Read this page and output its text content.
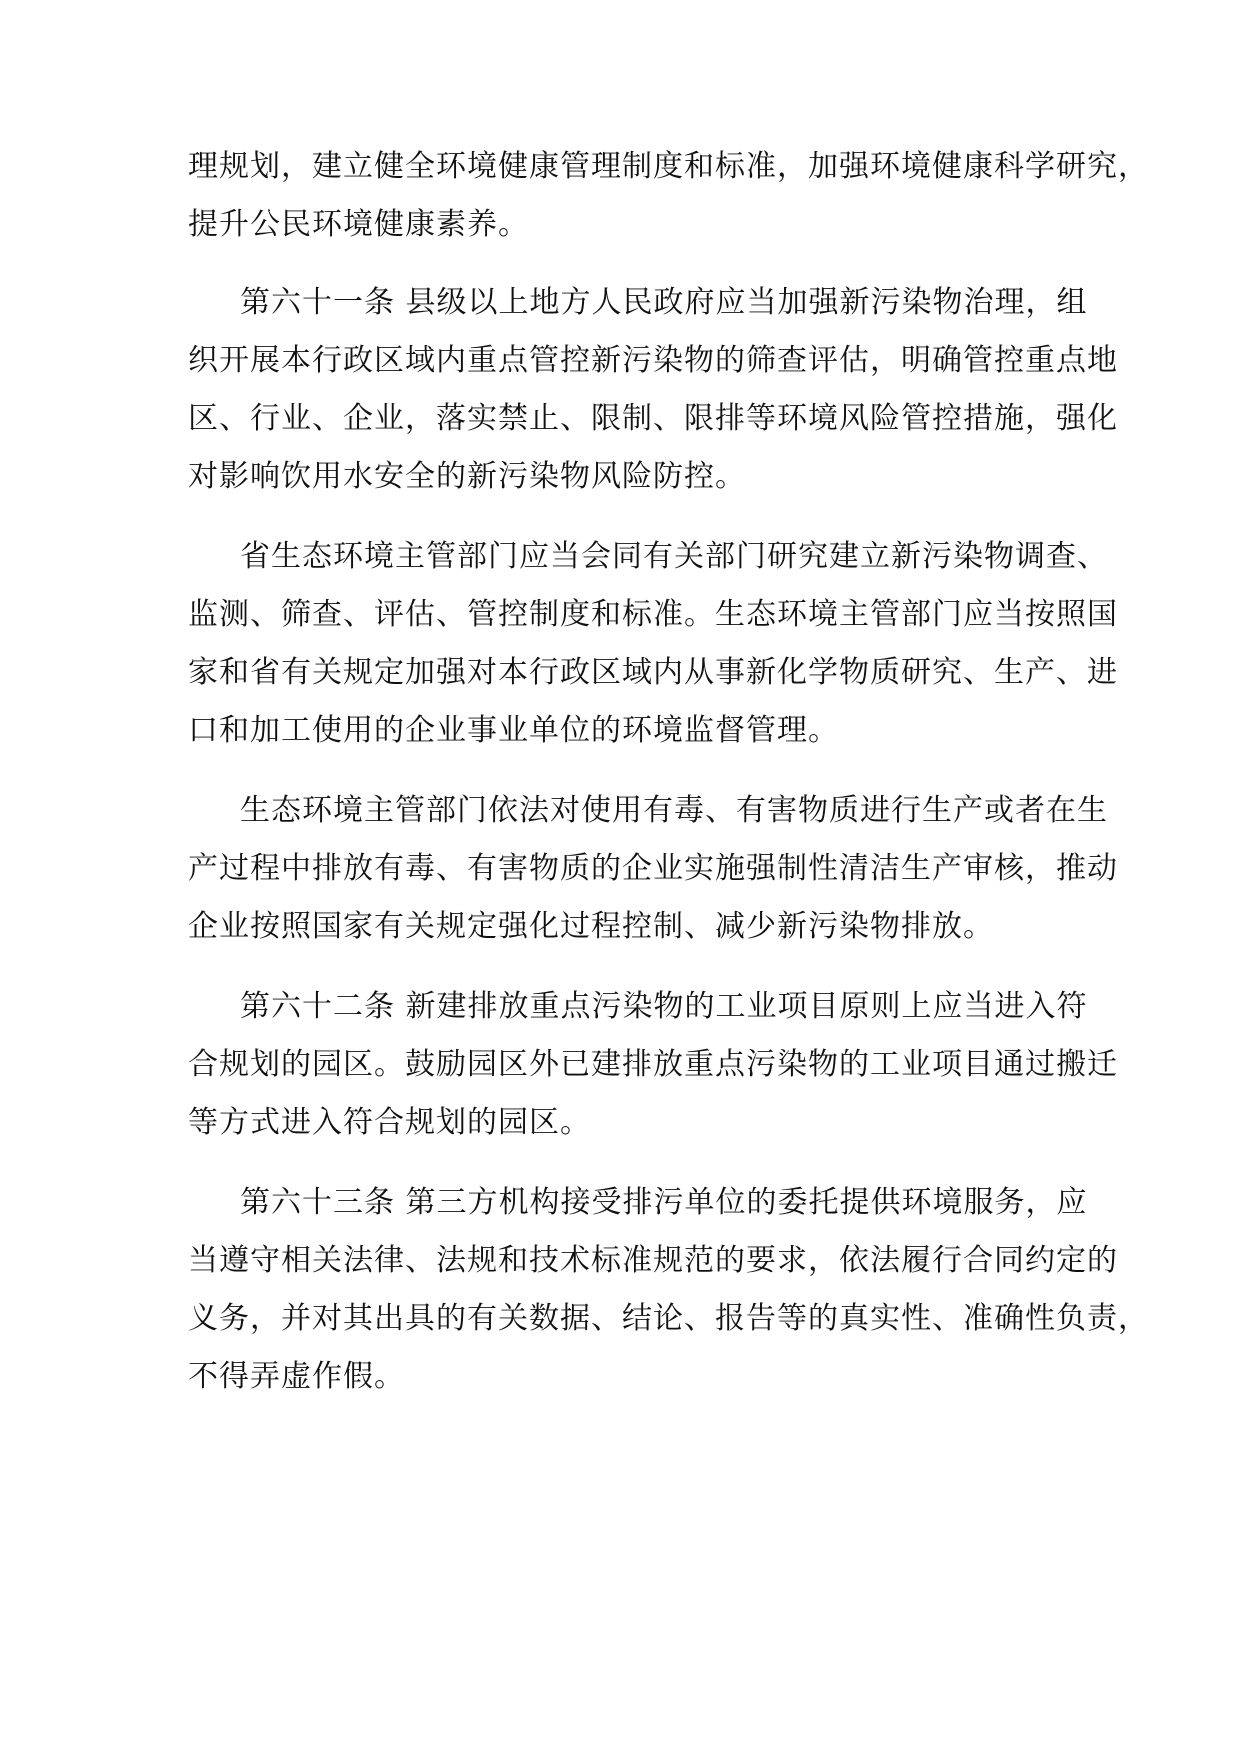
理规划，建立健全环境健康管理制度和标准，加强环境健康科学研究，
提升公民环境健康素养。
第六十一条 县级以上地方人民政府应当加强新污染物治理，组
织开展本行政区域内重点管控新污染物的筛查评估，明确管控重点地
区、行业、企业，落实禁止、限制、限排等环境风险管控措施，强化
对影响饮用水安全的新污染物风险防控。
省生态环境主管部门应当会同有关部门研究建立新污染物调查、
监测、筛查、评估、管控制度和标准。生态环境主管部门应当按照国
家和省有关规定加强对本行政区域内从事新化学物质研究、生产、进
口和加工使用的企业事业单位的环境监督管理。
生态环境主管部门依法对使用有毒、有害物质进行生产或者在生
产过程中排放有毒、有害物质的企业实施强制性清洁生产审核，推动
企业按照国家有关规定强化过程控制、减少新污染物排放。
第六十二条 新建排放重点污染物的工业项目原则上应当进入符
合规划的园区。鼓励园区外已建排放重点污染物的工业项目通过搬迁
等方式进入符合规划的园区。
第六十三条 第三方机构接受排污单位的委托提供环境服务，应
当遵守相关法律、法规和技术标准规范的要求，依法履行合同约定的
义务，并对其出具的有关数据、结论、报告等的真实性、准确性负责，
不得弄虚作假。
